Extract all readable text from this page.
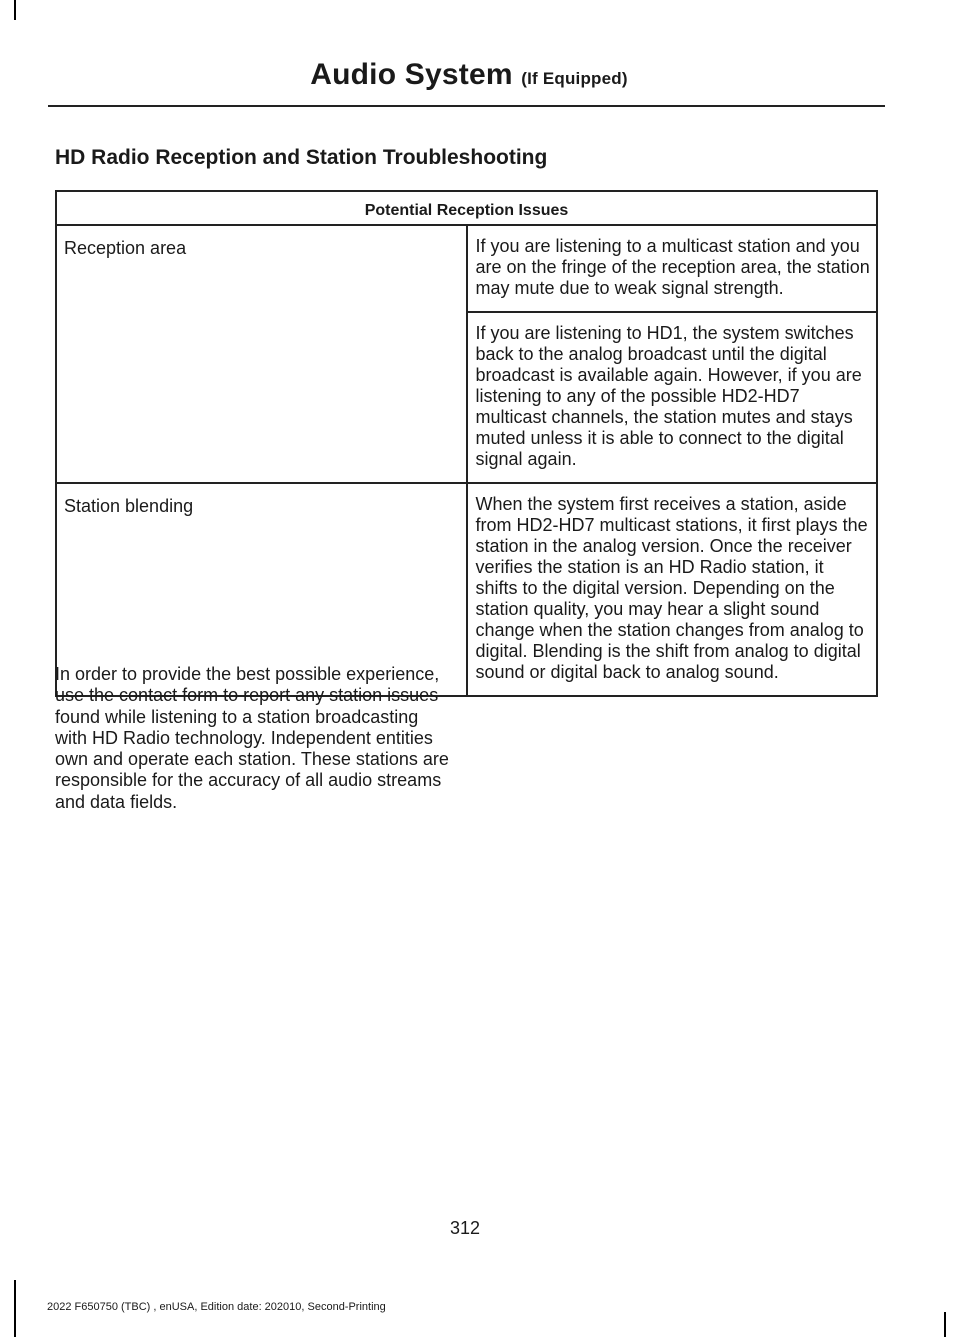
Audio System (If Equipped)
HD Radio Reception and Station Troubleshooting
Potential Reception Issues	
Reception area	If you are listening to a multicast station and you are on the fringe of the reception area, the station may mute due to weak signal strength.
	If you are listening to HD1, the system switches back to the analog broadcast until the digital broadcast is available again. However, if you are listening to any of the possible HD2-HD7 multicast channels, the station mutes and stays muted unless it is able to connect to the digital signal again.
Station blending	When the system first receives a station, aside from HD2-HD7 multicast stations, it first plays the station in the analog version. Once the receiver verifies the station is an HD Radio station, it shifts to the digital version. Depending on the station quality, you may hear a slight sound change when the station changes from analog to digital. Blending is the shift from analog to digital sound or digital back to analog sound.
In order to provide the best possible experience, use the contact form to report any station issues found while listening to a station broadcasting with HD Radio technology. Independent entities own and operate each station. These stations are responsible for the accuracy of all audio streams and data fields.
312
2022 F650750 (TBC) , enUSA, Edition date: 202010, Second-Printing
